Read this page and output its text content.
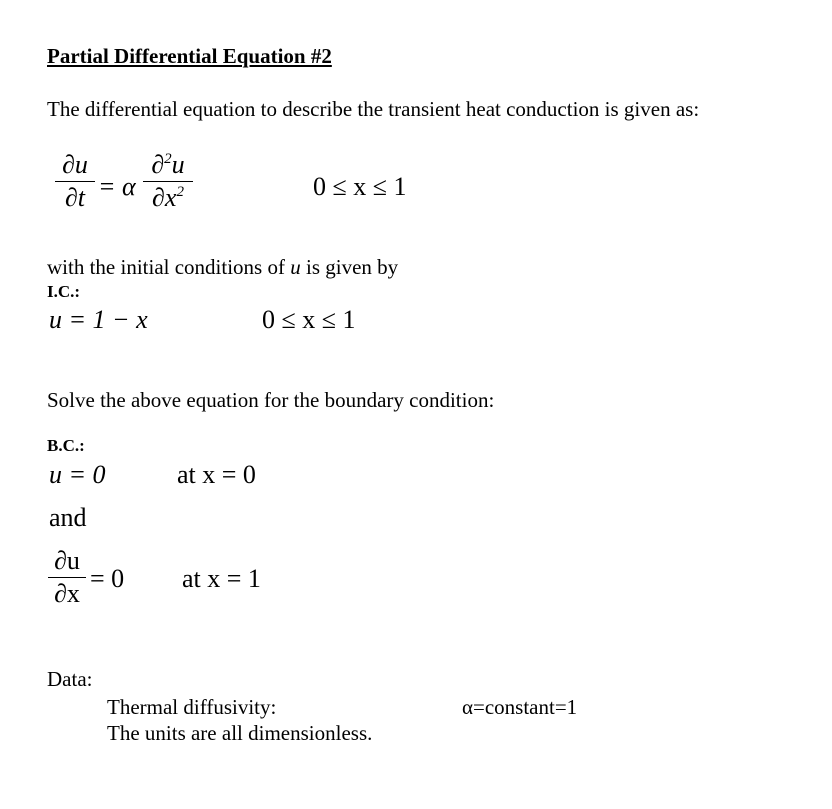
Partial Differential Equation #2
The differential equation to describe the transient heat conduction is given as:
∂u
∂t = α
∂$^2$u
$\partial x^2$	0 ≤ x ≤ 1
with the initial conditions of u is given by
I.C.:
u = 1 − x	0 ≤ x ≤ 1
Solve the above equation for the boundary condition:
B.C.:
u = 0	at x = 0
and
∂u
∂x
= 0 at x = 1
Data:
Thermal diffusivity:	α=constant=1
The units are all dimensionless.
